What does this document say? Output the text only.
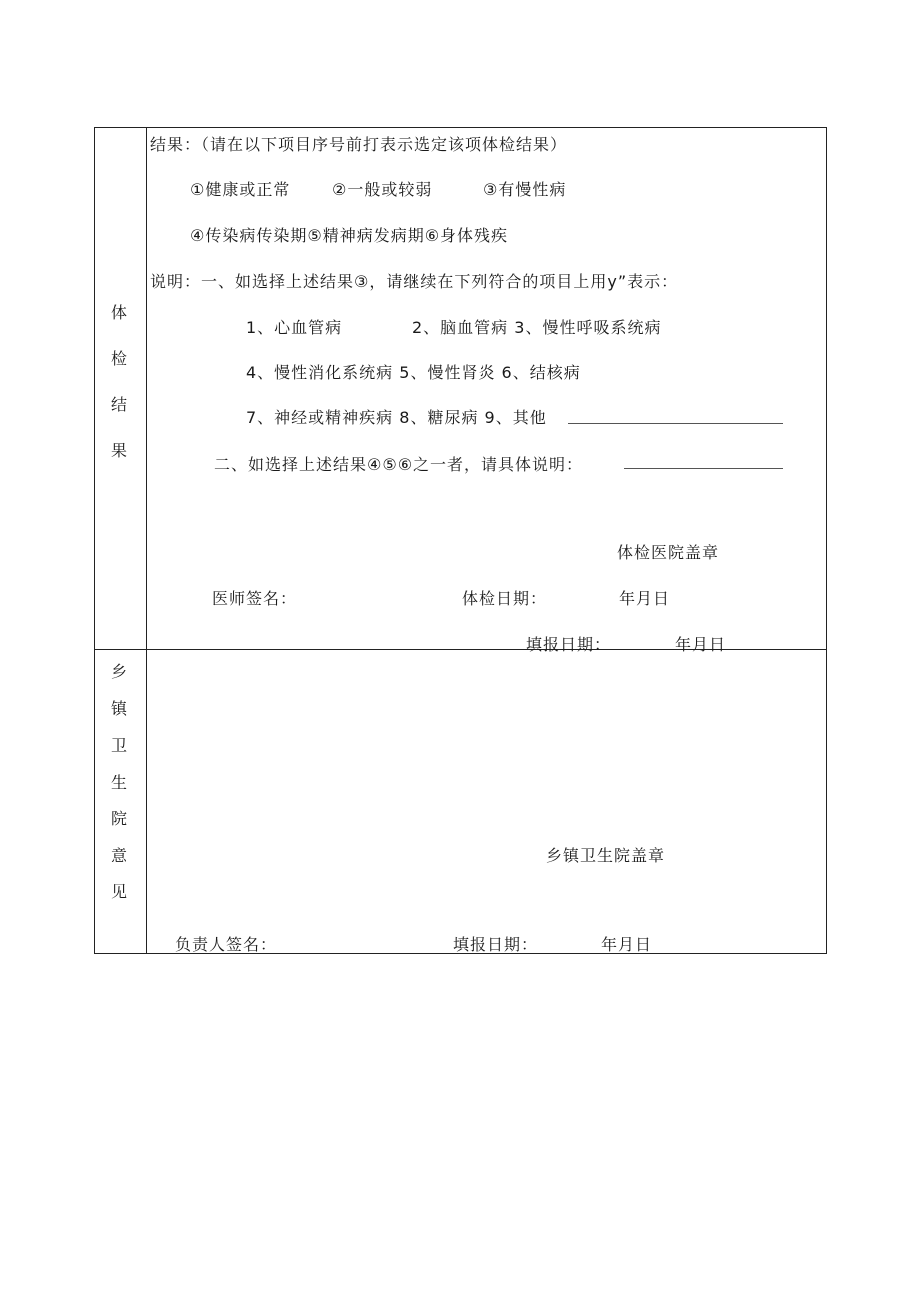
体
检
结
果
结果：（请在以下项目序号前打表示选定该项体检结果）
①健康或正常	②一般或较弱	③有慢性病
④传染病传染期⑤精神病发病期⑥身体残疾
说明：一、如选择上述结果③，请继续在下列符合的项目上用y”表示：
1、心血管病	2、脑血管病 3、慢性呼吸系统病
4、慢性消化系统病 5、慢性肾炎 6、结核病
7、神经或精神疾病 8、糖尿病 9、其他
二、如选择上述结果④⑤⑥之一者，请具体说明：
体检医院盖章
医师签名：	体检日期：	年月日
填报日期：	年月日
乡
镇
卫
生
院
意
见
乡镇卫生院盖章
负责人签名：	填报日期：	年月日
